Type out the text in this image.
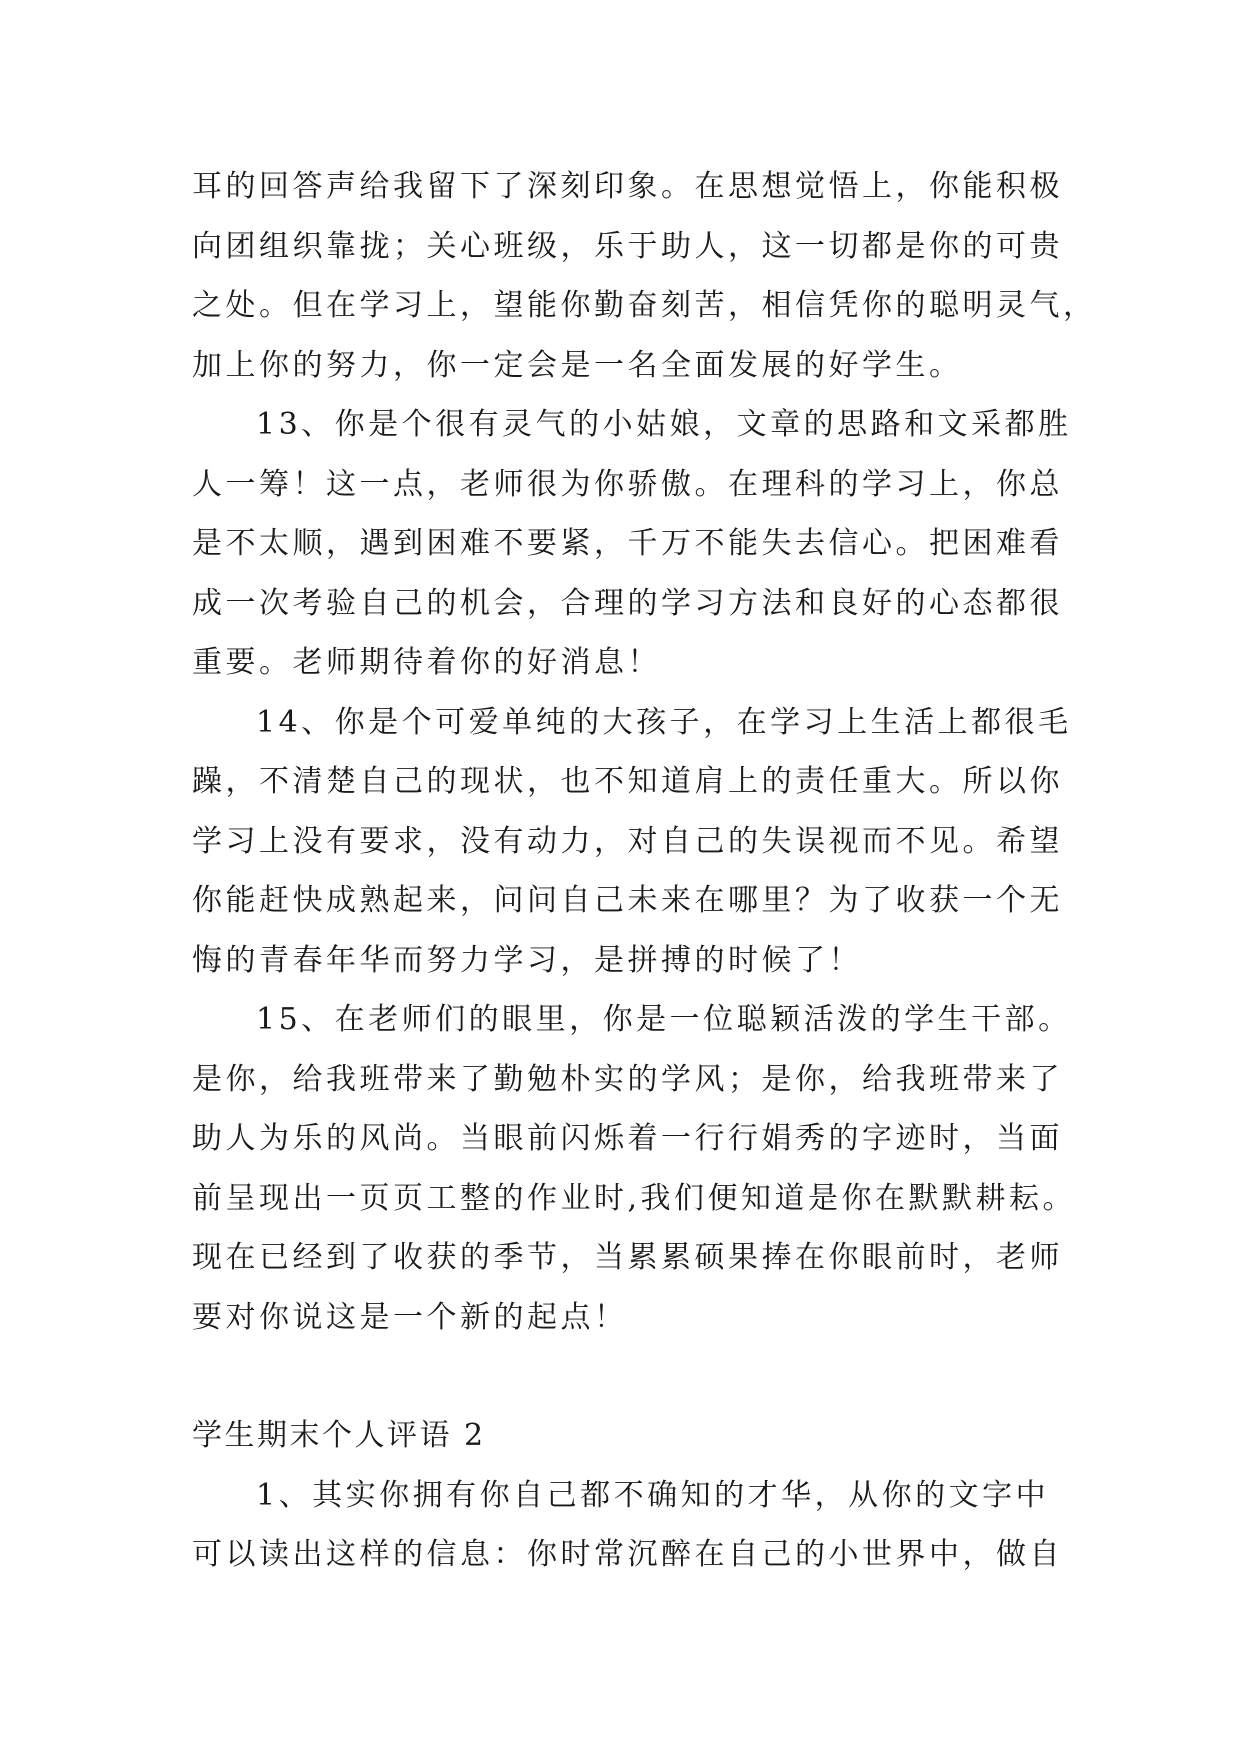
耳的回答声给我留下了深刻印象。在思想觉悟上，你能积极
向团组织靠拢；关心班级，乐于助人，这一切都是你的可贵
之处。但在学习上，望能你勤奋刻苦，相信凭你的聪明灵气，
加上你的努力，你一定会是一名全面发展的好学生。
13、你是个很有灵气的小姑娘，文章的思路和文采都胜
人一筹！这一点，老师很为你骄傲。在理科的学习上，你总
是不太顺，遇到困难不要紧，千万不能失去信心。把困难看
成一次考验自己的机会，合理的学习方法和良好的心态都很
重要。老师期待着你的好消息！
14、你是个可爱单纯的大孩子，在学习上生活上都很毛
躁，不清楚自己的现状，也不知道肩上的责任重大。所以你
学习上没有要求，没有动力，对自己的失误视而不见。希望
你能赶快成熟起来，问问自己未来在哪里？为了收获一个无
悔的青春年华而努力学习，是拼搏的时候了！
15、在老师们的眼里，你是一位聪颖活泼的学生干部。
是你，给我班带来了勤勉朴实的学风；是你，给我班带来了
助人为乐的风尚。当眼前闪烁着一行行娟秀的字迹时，当面
前呈现出一页页工整的作业时,我们便知道是你在默默耕耘。
现在已经到了收获的季节，当累累硕果捧在你眼前时，老师
要对你说这是一个新的起点！
学生期末个人评语 2
1、其实你拥有你自己都不确知的才华，从你的文字中
可以读出这样的信息：你时常沉醉在自己的小世界中，做自
